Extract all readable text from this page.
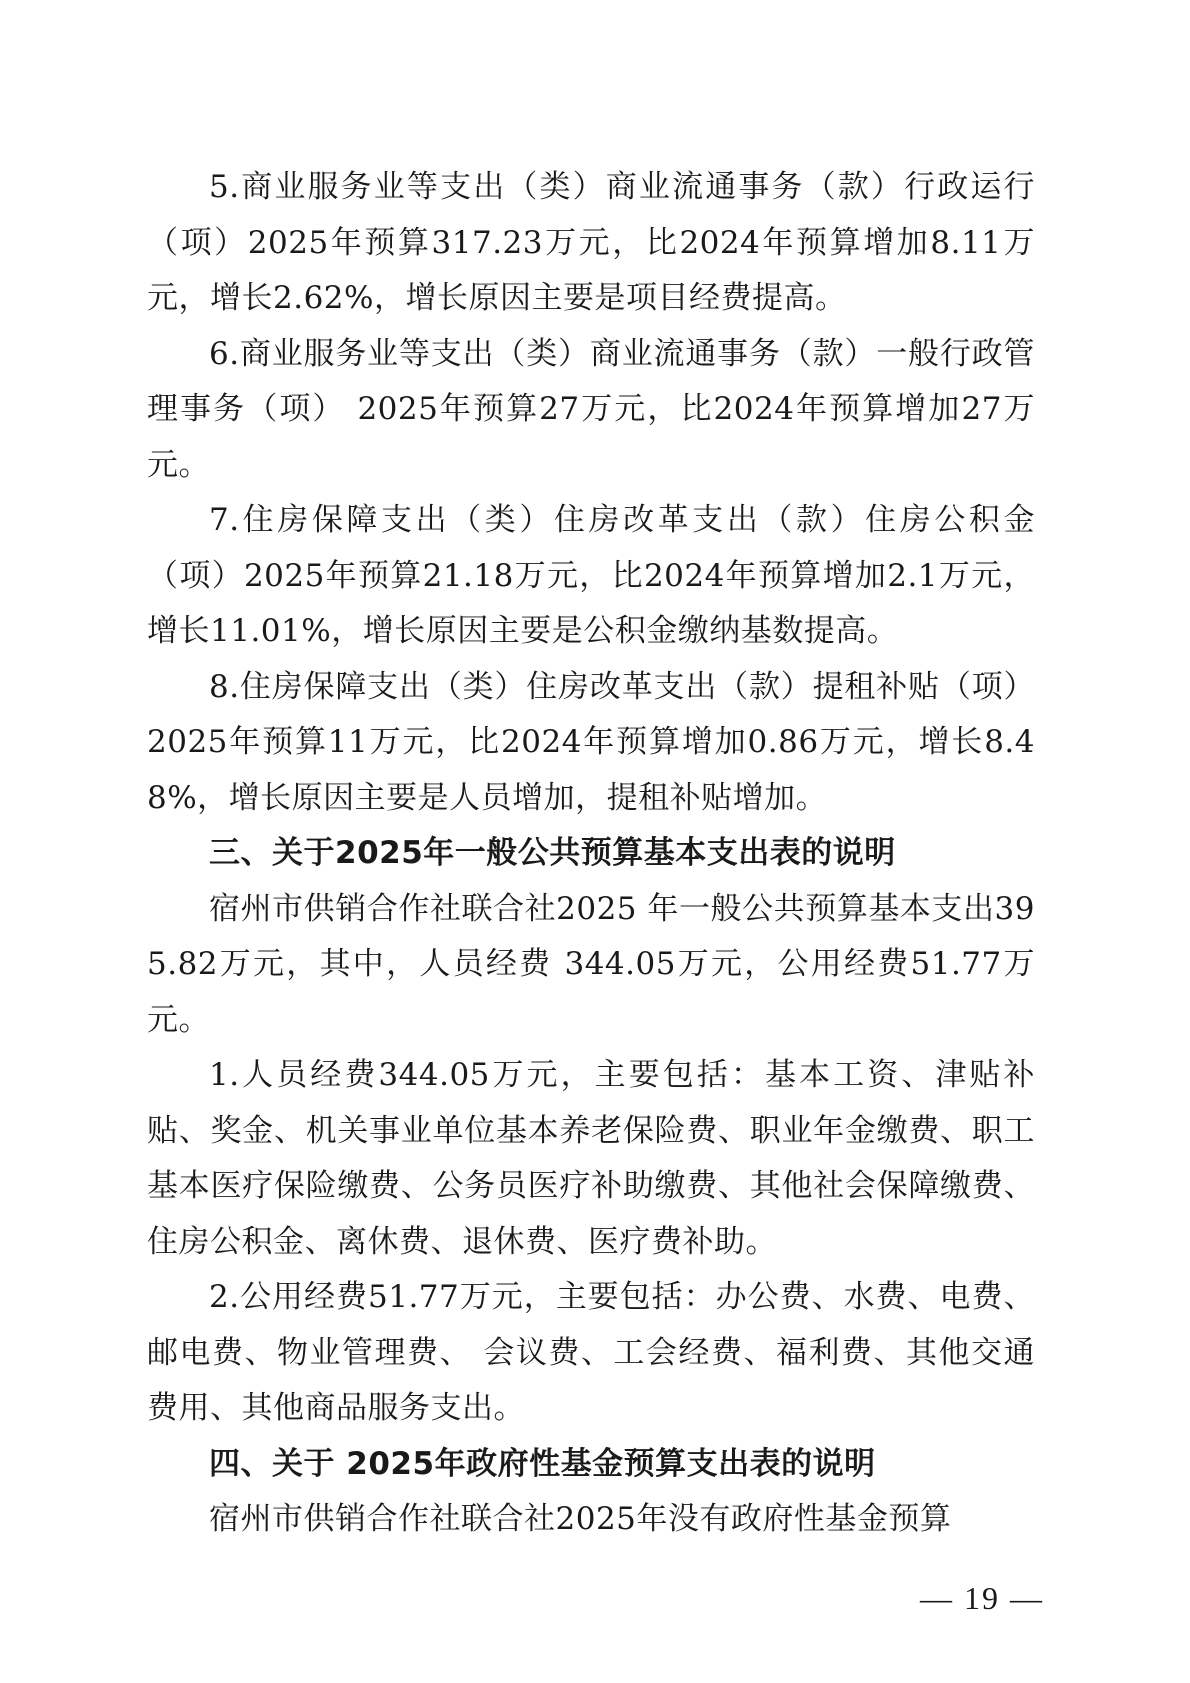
5.商业服务业等支出（类）商业流通事务（款）行政运行（项）2025年预算317.23万元，比2024年预算增加8.11万元，增长2.62%，增长原因主要是项目经费提高。

6.商业服务业等支出（类）商业流通事务（款）一般行政管理事务（项） 2025年预算27万元，比2024年预算增加27万元。

7.住房保障支出（类）住房改革支出（款）住房公积金（项）2025年预算21.18万元，比2024年预算增加2.1万元，增长11.01%，增长原因主要是公积金缴纳基数提高。

8.住房保障支出（类）住房改革支出（款）提租补贴（项）2025年预算11万元，比2024年预算增加0.86万元，增长8.48%，增长原因主要是人员增加，提租补贴增加。

三、关于2025年一般公共预算基本支出表的说明

宿州市供销合作社联合社2025 年一般公共预算基本支出395.82万元，其中，人员经费 344.05万元，公用经费51.77万元。

1.人员经费344.05万元，主要包括：基本工资、津贴补贴、奖金、机关事业单位基本养老保险费、职业年金缴费、职工基本医疗保险缴费、公务员医疗补助缴费、其他社会保障缴费、住房公积金、离休费、退休费、医疗费补助。

2.公用经费51.77万元，主要包括：办公费、水费、电费、邮电费、物业管理费、 会议费、工会经费、福利费、其他交通费用、其他商品服务支出。

四、关于 2025年政府性基金预算支出表的说明

宿州市供销合作社联合社2025年没有政府性基金预算

— 19 —
